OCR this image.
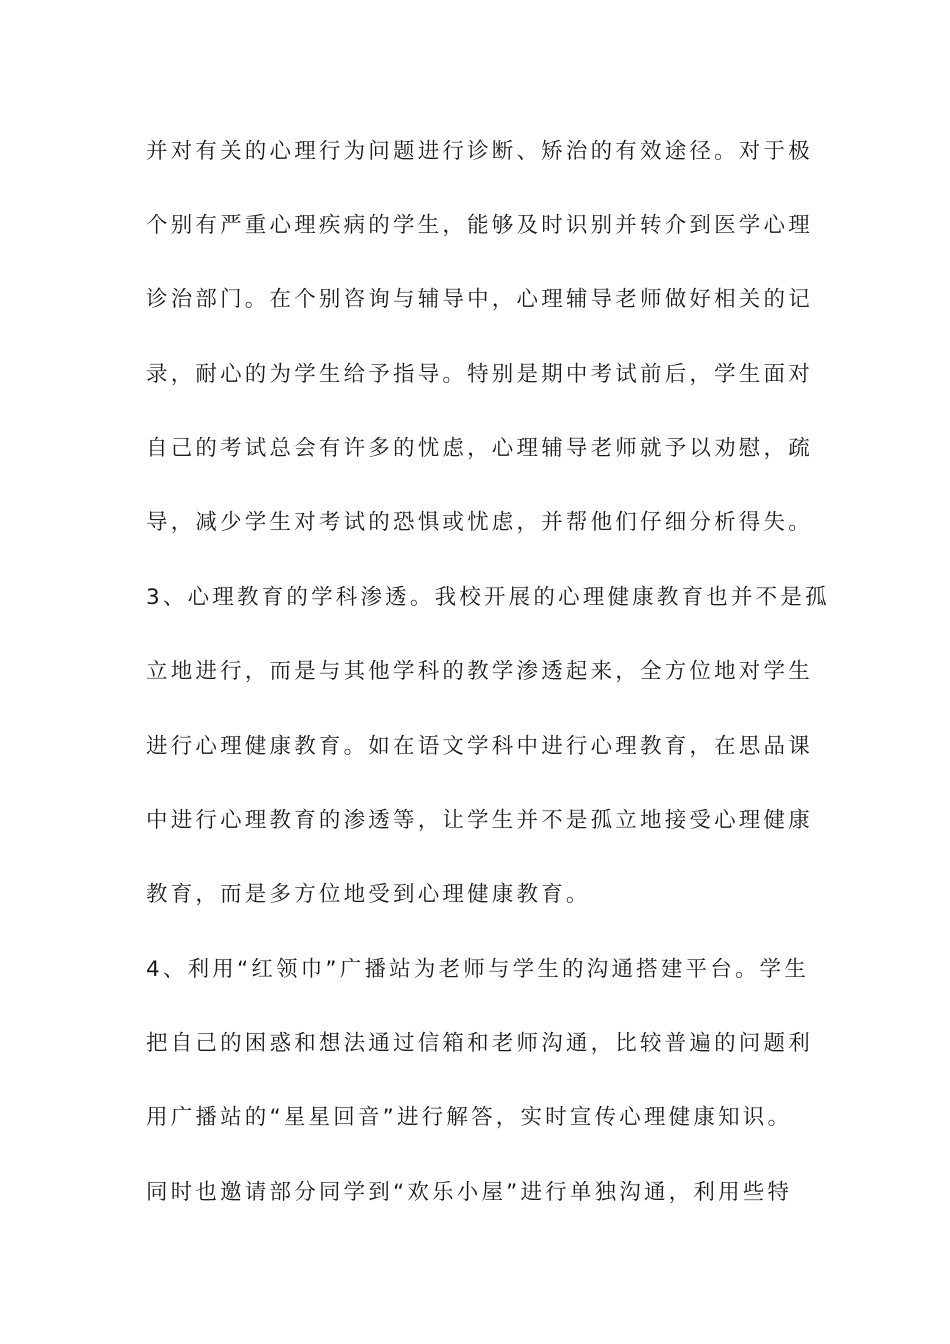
并对有关的心理行为问题进行诊断、矫治的有效途径。对于极
个别有严重心理疾病的学生，能够及时识别并转介到医学心理
诊治部门。在个别咨询与辅导中，心理辅导老师做好相关的记
录，耐心的为学生给予指导。特别是期中考试前后，学生面对
自己的考试总会有许多的忧虑，心理辅导老师就予以劝慰，疏
导，减少学生对考试的恐惧或忧虑，并帮他们仔细分析得失。
3、心理教育的学科渗透。我校开展的心理健康教育也并不是孤
立地进行，而是与其他学科的教学渗透起来，全方位地对学生
进行心理健康教育。如在语文学科中进行心理教育，在思品课
中进行心理教育的渗透等，让学生并不是孤立地接受心理健康
教育，而是多方位地受到心理健康教育。
4、利用“红领巾”广播站为老师与学生的沟通搭建平台。学生
把自己的困惑和想法通过信箱和老师沟通，比较普遍的问题利
用广播站的“星星回音”进行解答，实时宣传心理健康知识。
同时也邀请部分同学到“欢乐小屋”进行单独沟通，利用些特
